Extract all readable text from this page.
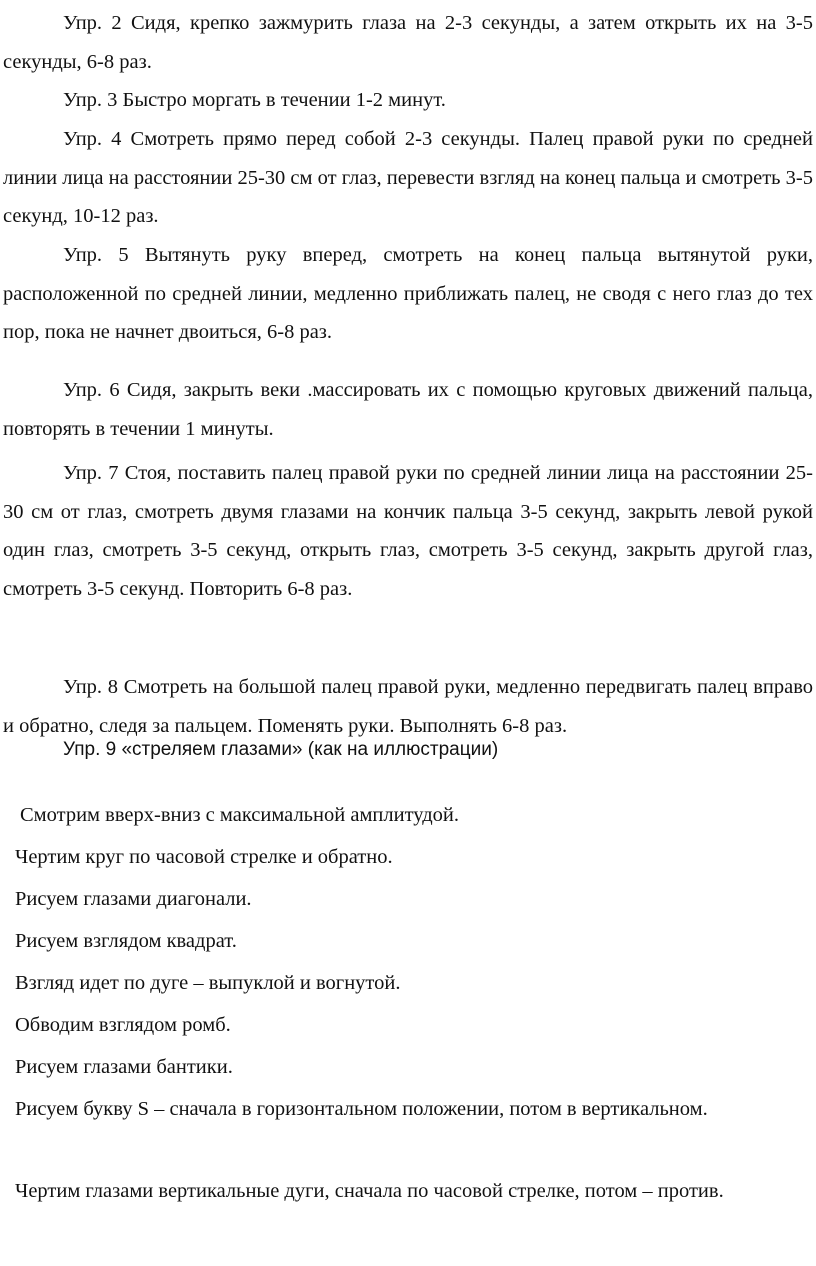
Упр. 2 Сидя, крепко зажмурить глаза на 2-3 секунды, а затем открыть их на 3-5 секунды, 6-8 раз.

Упр. 3 Быстро моргать в течении 1-2 минут.

Упр. 4 Смотреть прямо перед собой 2-3 секунды. Палец правой руки по средней линии лица на расстоянии 25-30 см от глаз, перевести взгляд на конец пальца и смотреть 3-5 секунд, 10-12 раз.

Упр. 5 Вытянуть руку вперед, смотреть на конец пальца вытянутой руки, расположенной по средней линии, медленно приближать палец, не сводя с него глаз до тех пор, пока не начнет двоиться, 6-8 раз.

Упр. 6 Сидя, закрыть веки .массировать их с помощью круговых движений пальца, повторять в течении 1 минуты.

Упр. 7 Стоя, поставить палец правой руки по средней линии лица на расстоянии 25-30 см от глаз, смотреть двумя глазами на кончик пальца 3-5 секунд, закрыть левой рукой один глаз, смотреть 3-5 секунд, открыть глаз, смотреть 3-5 секунд, закрыть другой глаз, смотреть 3-5 секунд. Повторить 6-8 раз.

Упр. 8 Смотреть на большой палец правой руки, медленно передвигать палец вправо и обратно, следя за пальцем. Поменять руки. Выполнять 6-8 раз.

Упр. 9 «стреляем глазами» (как на иллюстрации)

Смотрим вверх-вниз с максимальной амплитудой.

Чертим круг по часовой стрелке и обратно.

Рисуем глазами диагонали.

Рисуем взглядом квадрат.

Взгляд идет по дуге – выпуклой и вогнутой.

Обводим взглядом ромб.

Рисуем глазами бантики.

Рисуем букву S – сначала в горизонтальном положении, потом в вертикальном.

Чертим глазами вертикальные дуги, сначала по часовой стрелке, потом – против.
